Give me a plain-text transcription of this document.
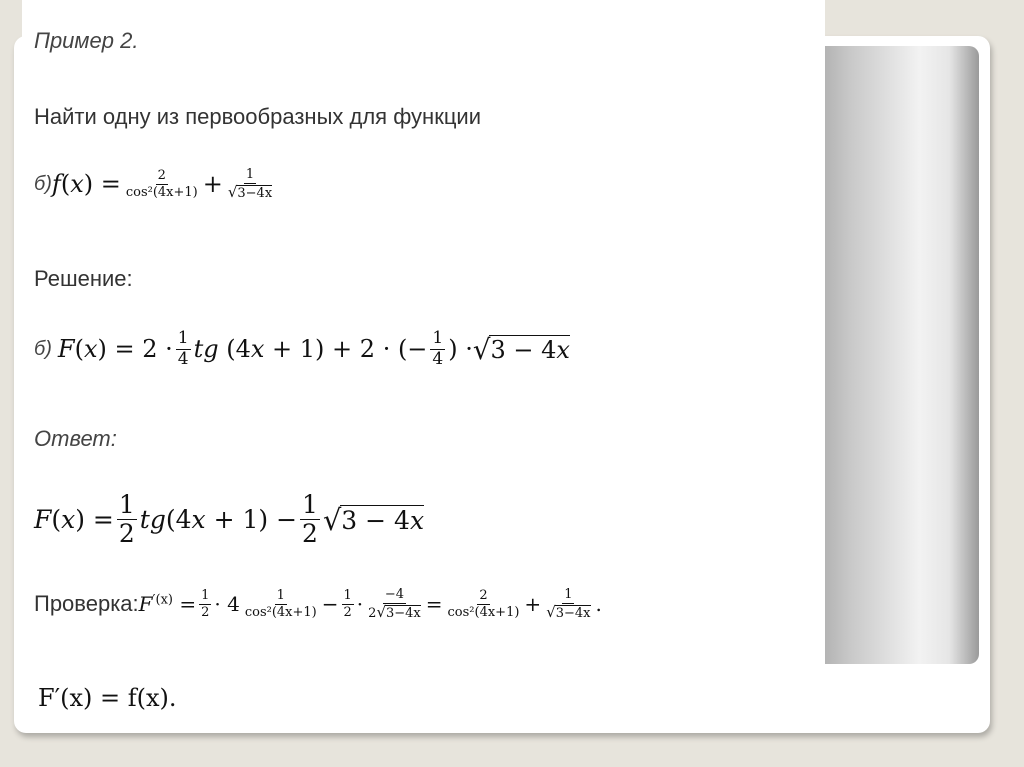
Пример 2.
Найти одну из первообразных для функции
б) $f(x) = \frac{2}{\text{cos²(4x+1)}} + \frac{1}{√3-4x}$
Решение:
б) $F(x) = 2 \cdot \frac{1}{4}$ tg (4x + 1) + 2 · (− $\frac{1}{4}$ ) · √ 3 − 4x
Ответ:
$F(x) = \frac{1}{2} tg(4x + 1) - \frac{1}{2}$ √ 3 − 4x
Проверка: $F^{'(x)} = \frac{1}{2} \cdot 4 \frac{1}{\text{cos²(4x+1)}} - \frac{1}{2} \cdot \frac{-4}{2√3-4x} = \frac{2}{\text{cos²(4x+1)}} + \frac{1}{√3-4x}$ .
F′(x) = f(x).
